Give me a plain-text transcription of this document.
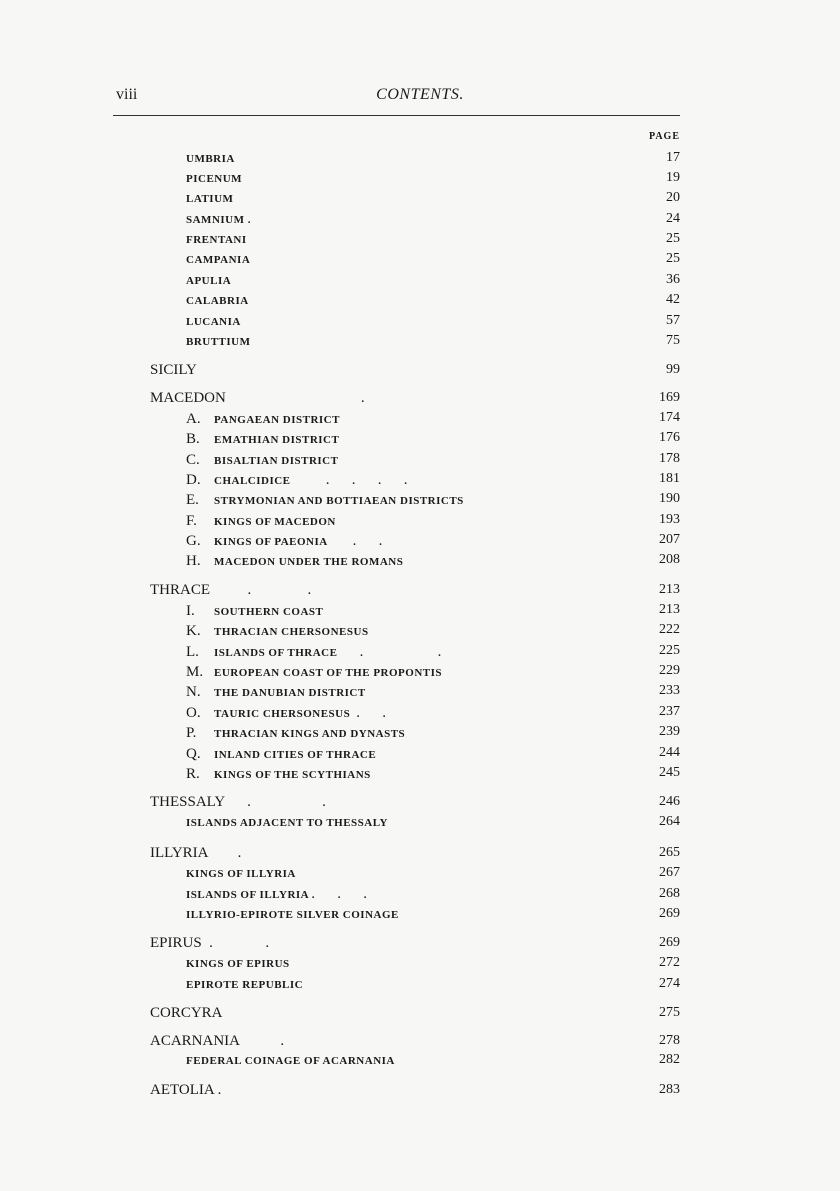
viii	CONTENTS.
PAGE
UMBRIA	17
PICENUM	19
LATIUM	20
SAMNIUM .	24
FRENTANI	25
CAMPANIA	25
APULIA	36
CALABRIA	42
LUCANIA	57
BRUTTIUM	75
SICILY	99
MACEDON                                    .	169
A. PANGAEAN DISTRICT	174
B. EMATHIAN DISTRICT	176
C. BISALTIAN DISTRICT	178
D. CHALCIDICE           .       .       .       .	181
E. STRYMONIAN AND BOTTIAEAN DISTRICTS	190
F. KINGS OF MACEDON	193
G. KINGS OF PAEONIA        .       .	207
H. MACEDON UNDER THE ROMANS	208
THRACE          .               .	213
I. SOUTHERN COAST	213
K. THRACIAN CHERSONESUS	222
L. ISLANDS OF THRACE       .                       .	225
M. EUROPEAN COAST OF THE PROPONTIS	229
N. THE DANUBIAN DISTRICT	233
O. TAURIC CHERSONESUS  .       .	237
P. THRACIAN KINGS AND DYNASTS	239
Q. INLAND CITIES OF THRACE	244
R. KINGS OF THE SCYTHIANS	245
THESSALY      .                   .	246
ISLANDS ADJACENT TO THESSALY	264
ILLYRIA        .	265
KINGS OF ILLYRIA	267
ISLANDS OF ILLYRIA .       .       .	268
ILLYRIO-EPIROTE SILVER COINAGE	269
EPIRUS  .              .	269
KINGS OF EPIRUS	272
EPIROTE REPUBLIC	274
CORCYRA	275
ACARNANIA           .	278
FEDERAL COINAGE OF ACARNANIA	282
AETOLIA .	283
